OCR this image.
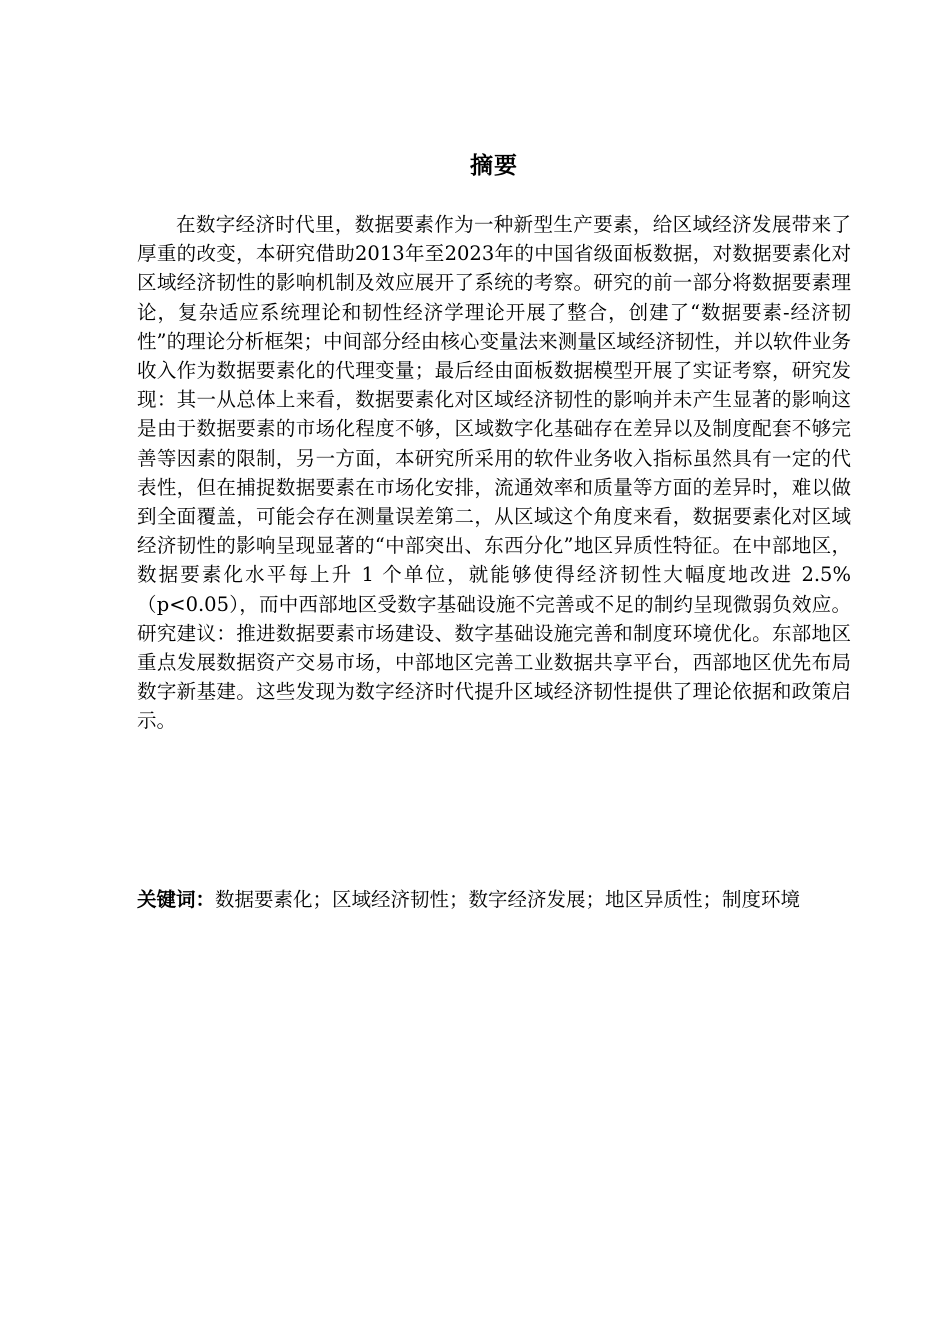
摘要

在数字经济时代里，数据要素作为一种新型生产要素，给区域经济发展带来了厚重的改变，本研究借助2013年至2023年的中国省级面板数据，对数据要素化对区域经济韧性的影响机制及效应展开了系统的考察。研究的前一部分将数据要素理论，复杂适应系统理论和韧性经济学理论开展了整合，创建了“数据要素-经济韧性”的理论分析框架；中间部分经由核心变量法来测量区域经济韧性，并以软件业务收入作为数据要素化的代理变量；最后经由面板数据模型开展了实证考察，研究发现：其一从总体上来看，数据要素化对区域经济韧性的影响并未产生显著的影响这是由于数据要素的市场化程度不够，区域数字化基础存在差异以及制度配套不够完善等因素的限制，另一方面，本研究所采用的软件业务收入指标虽然具有一定的代表性，但在捕捉数据要素在市场化安排，流通效率和质量等方面的差异时，难以做到全面覆盖，可能会存在测量误差第二，从区域这个角度来看，数据要素化对区域经济韧性的影响呈现显著的“中部突出、东西分化”地区异质性特征。在中部地区，数据要素化水平每上升 1 个单位，就能够使得经济韧性大幅度地改进 2.5%（p<0.05），而中西部地区受数字基础设施不完善或不足的制约呈现微弱负效应。研究建议：推进数据要素市场建设、数字基础设施完善和制度环境优化。东部地区重点发展数据资产交易市场，中部地区完善工业数据共享平台，西部地区优先布局数字新基建。这些发现为数字经济时代提升区域经济韧性提供了理论依据和政策启示。

关键词：数据要素化；区域经济韧性；数字经济发展；地区异质性；制度环境
